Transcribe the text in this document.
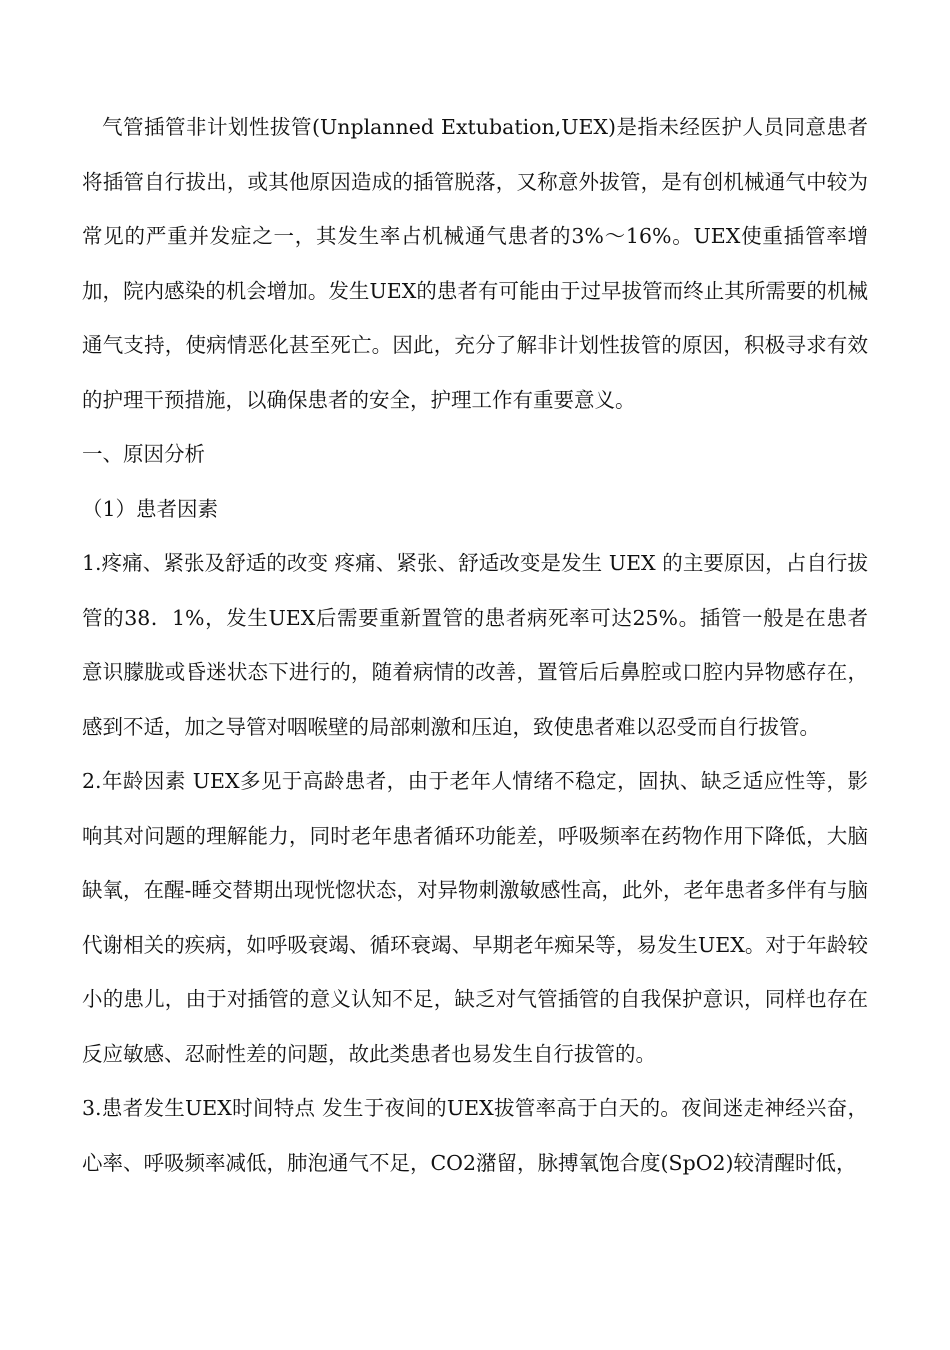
气管插管非计划性拔管(Unplanned Extubation,UEX)是指未经医护人员同意患者将插管自行拔出，或其他原因造成的插管脱落，又称意外拔管，是有创机械通气中较为常见的严重并发症之一，其发生率占机械通气患者的3%～16%。UEX使重插管率增加，院内感染的机会增加。发生UEX的患者有可能由于过早拔管而终止其所需要的机械通气支持，使病情恶化甚至死亡。因此，充分了解非计划性拔管的原因，积极寻求有效的护理干预措施，以确保患者的安全，护理工作有重要意义。

一、原因分析

（1）患者因素

1.疼痛、紧张及舒适的改变 疼痛、紧张、舒适改变是发生 UEX 的主要原因，占自行拔管的38．1%，发生UEX后需要重新置管的患者病死率可达25%。插管一般是在患者意识朦胧或昏迷状态下进行的，随着病情的改善，置管后后鼻腔或口腔内异物感存在，感到不适，加之导管对咽喉壁的局部刺激和压迫，致使患者难以忍受而自行拔管。

2.年龄因素 UEX多见于高龄患者，由于老年人情绪不稳定，固执、缺乏适应性等，影响其对问题的理解能力，同时老年患者循环功能差，呼吸频率在药物作用下降低，大脑缺氧，在醒-睡交替期出现恍惚状态，对异物刺激敏感性高，此外，老年患者多伴有与脑代谢相关的疾病，如呼吸衰竭、循环衰竭、早期老年痴呆等，易发生UEX。对于年龄较小的患儿，由于对插管的意义认知不足，缺乏对气管插管的自我保护意识，同样也存在反应敏感、忍耐性差的问题，故此类患者也易发生自行拔管的。

3.患者发生UEX时间特点 发生于夜间的UEX拔管率高于白天的。夜间迷走神经兴奋，心率、呼吸频率减低，肺泡通气不足，CO2潴留，脉搏氧饱合度(SpO2)较清醒时低，
